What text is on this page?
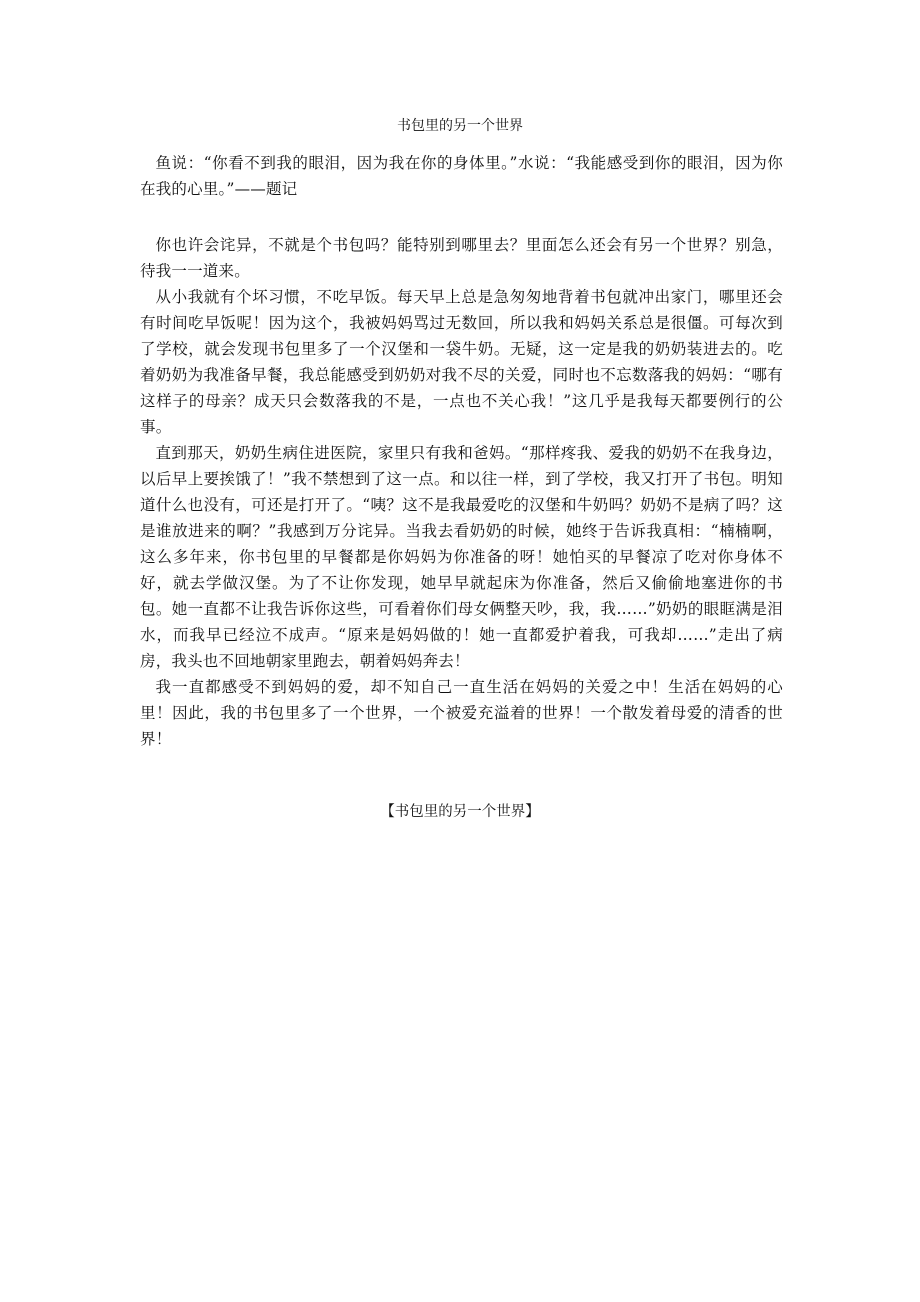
书包里的另一个世界

鱼说：“你看不到我的眼泪，因为我在你的身体里。”水说：“我能感受到你的眼泪，因为你在我的心里。”——题记

你也许会诧异，不就是个书包吗？能特别到哪里去？里面怎么还会有另一个世界？别急，待我一一道来。

从小我就有个坏习惯，不吃早饭。每天早上总是急匆匆地背着书包就冲出家门，哪里还会有时间吃早饭呢！因为这个，我被妈妈骂过无数回，所以我和妈妈关系总是很僵。可每次到了学校，就会发现书包里多了一个汉堡和一袋牛奶。无疑，这一定是我的奶奶装进去的。吃着奶奶为我准备早餐，我总能感受到奶奶对我不尽的关爱，同时也不忘数落我的妈妈：“哪有这样子的母亲？成天只会数落我的不是，一点也不关心我！”这几乎是我每天都要例行的公事。

直到那天，奶奶生病住进医院，家里只有我和爸妈。“那样疼我、爱我的奶奶不在我身边，以后早上要挨饿了！”我不禁想到了这一点。和以往一样，到了学校，我又打开了书包。明知道什么也没有，可还是打开了。“咦？这不是我最爱吃的汉堡和牛奶吗？奶奶不是病了吗？这是谁放进来的啊？”我感到万分诧异。当我去看奶奶的时候，她终于告诉我真相：“楠楠啊，这么多年来，你书包里的早餐都是你妈妈为你准备的呀！她怕买的早餐凉了吃对你身体不好，就去学做汉堡。为了不让你发现，她早早就起床为你准备，然后又偷偷地塞进你的书包。她一直都不让我告诉你这些，可看着你们母女俩整天吵，我，我……”奶奶的眼眶满是泪水，而我早已经泣不成声。“原来是妈妈做的！她一直都爱护着我，可我却……”走出了病房，我头也不回地朝家里跑去，朝着妈妈奔去！

我一直都感受不到妈妈的爱，却不知自己一直生活在妈妈的关爱之中！生活在妈妈的心里！因此，我的书包里多了一个世界，一个被爱充溢着的世界！一个散发着母爱的清香的世界！

【书包里的另一个世界】
